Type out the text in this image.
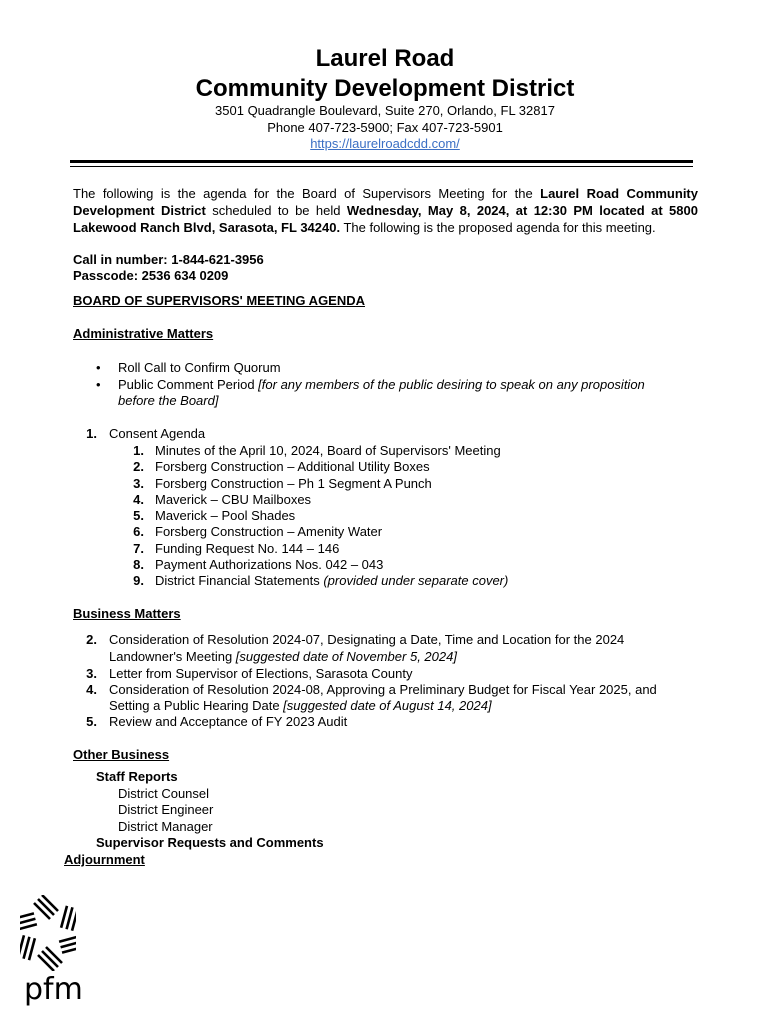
Laurel Road
Community Development District
3501 Quadrangle Boulevard, Suite 270, Orlando, FL 32817
Phone 407-723-5900; Fax 407-723-5901
https://laurelroadcdd.com/
The following is the agenda for the Board of Supervisors Meeting for the Laurel Road Community Development District scheduled to be held Wednesday, May 8, 2024, at 12:30 PM located at 5800 Lakewood Ranch Blvd, Sarasota, FL 34240. The following is the proposed agenda for this meeting.
Call in number: 1-844-621-3956
Passcode: 2536 634 0209
BOARD OF SUPERVISORS' MEETING AGENDA
Administrative Matters
• Roll Call to Confirm Quorum
• Public Comment Period [for any members of the public desiring to speak on any proposition
before the Board]
1. Consent Agenda
1. Minutes of the April 10, 2024, Board of Supervisors' Meeting
2. Forsberg Construction – Additional Utility Boxes
3. Forsberg Construction – Ph 1 Segment A Punch
4. Maverick – CBU Mailboxes
5. Maverick – Pool Shades
6. Forsberg Construction – Amenity Water
7. Funding Request No. 144 – 146
8. Payment Authorizations Nos. 042 – 043
9. District Financial Statements (provided under separate cover)
Business Matters
2. Consideration of Resolution 2024-07, Designating a Date, Time and Location for the 2024
Landowner's Meeting [suggested date of November 5, 2024]
3. Letter from Supervisor of Elections, Sarasota County
4. Consideration of Resolution 2024-08, Approving a Preliminary Budget for Fiscal Year 2025, and
Setting a Public Hearing Date [suggested date of August 14, 2024]
5. Review and Acceptance of FY 2023 Audit
Other Business
Staff Reports
District Counsel
District Engineer
District Manager
Supervisor Requests and Comments
Adjournment
pfm
